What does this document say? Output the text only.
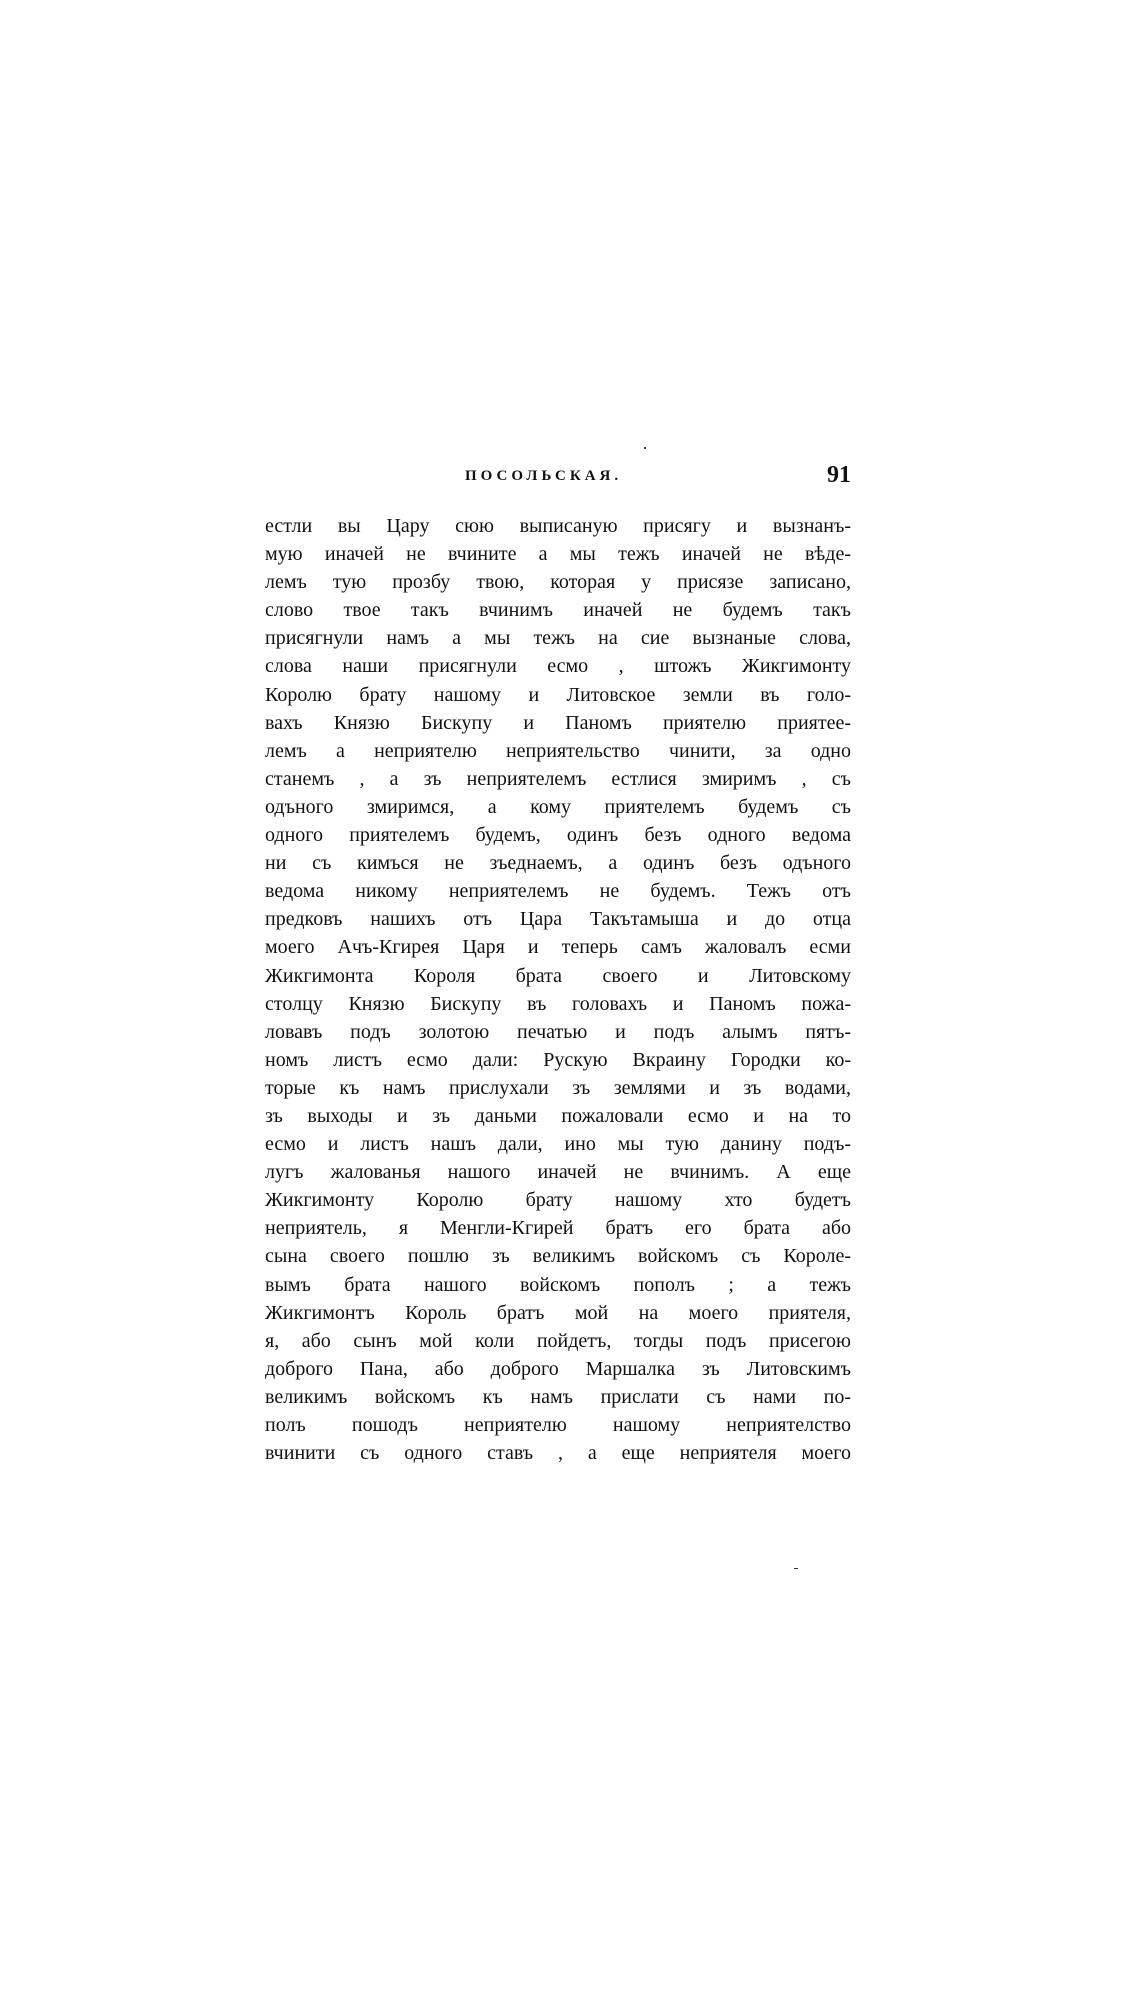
ПОСОЛЬСКАЯ.	91
естли вы Цару сюю выписаную присягу и вызнанъ-
мую иначей не вчините а мы тежъ иначей не вѣде-
лемъ тую прозбу твою, которая у присязе записано,
слово твое такъ вчинимъ иначей не будемъ такъ
присягнули намъ а мы тежъ на сие вызнаные слова,
слова наши присягнули есмо , штожъ Жикгимонту
Королю брату нашому и Литовское земли въ голо-
вахъ Князю Бискупу и Паномъ приятелю приятее-
лемъ а неприятелю неприятельство чинити, за одно
станемъ , а зъ неприятелемъ естлися змиримъ , съ
одъного змиримся, а кому приятелемъ будемъ съ
одного приятелемъ будемъ, одинъ безъ одного ведома
ни съ кимъся не зъеднаемъ, а одинъ безъ одъного
ведома никому неприятелемъ не будемъ. Тежъ отъ
предковъ нашихъ отъ Цара Такътамыша и до отца
моего Ачъ-Кгирея Царя и теперь самъ жаловалъ есми
Жикгимонта Короля брата своего и Литовскому
столцу Князю Бискупу въ головахъ и Паномъ пожа-
ловавъ подъ золотою печатью и подъ алымъ пятъ-
номъ листъ есмо дали: Рускую Вкраину Городки ко-
торые къ намъ прислухали зъ землями и зъ водами,
зъ выходы и зъ даньми пожаловали есмо и на то
есмо и листъ нашъ дали, ино мы тую данину подъ-
лугъ жалованья нашого иначей не вчинимъ. А еще
Жикгимонту Королю брату нашому хто будетъ
неприятель, я Менгли-Кгирей братъ его брата або
сына своего пошлю зъ великимъ войскомъ съ Короле-
вымъ брата нашого войскомъ пополъ ; а тежъ
Жикгимонтъ Король братъ мой на моего приятеля,
я, або сынъ мой коли пойдетъ, тогды подъ присегою
доброго Пана, або доброго Маршалка зъ Литовскимъ
великимъ войскомъ къ намъ прислати съ нами по-
полъ пошодъ неприятелю нашому неприятелство
вчинити съ одного ставъ , а еще неприятеля моего
